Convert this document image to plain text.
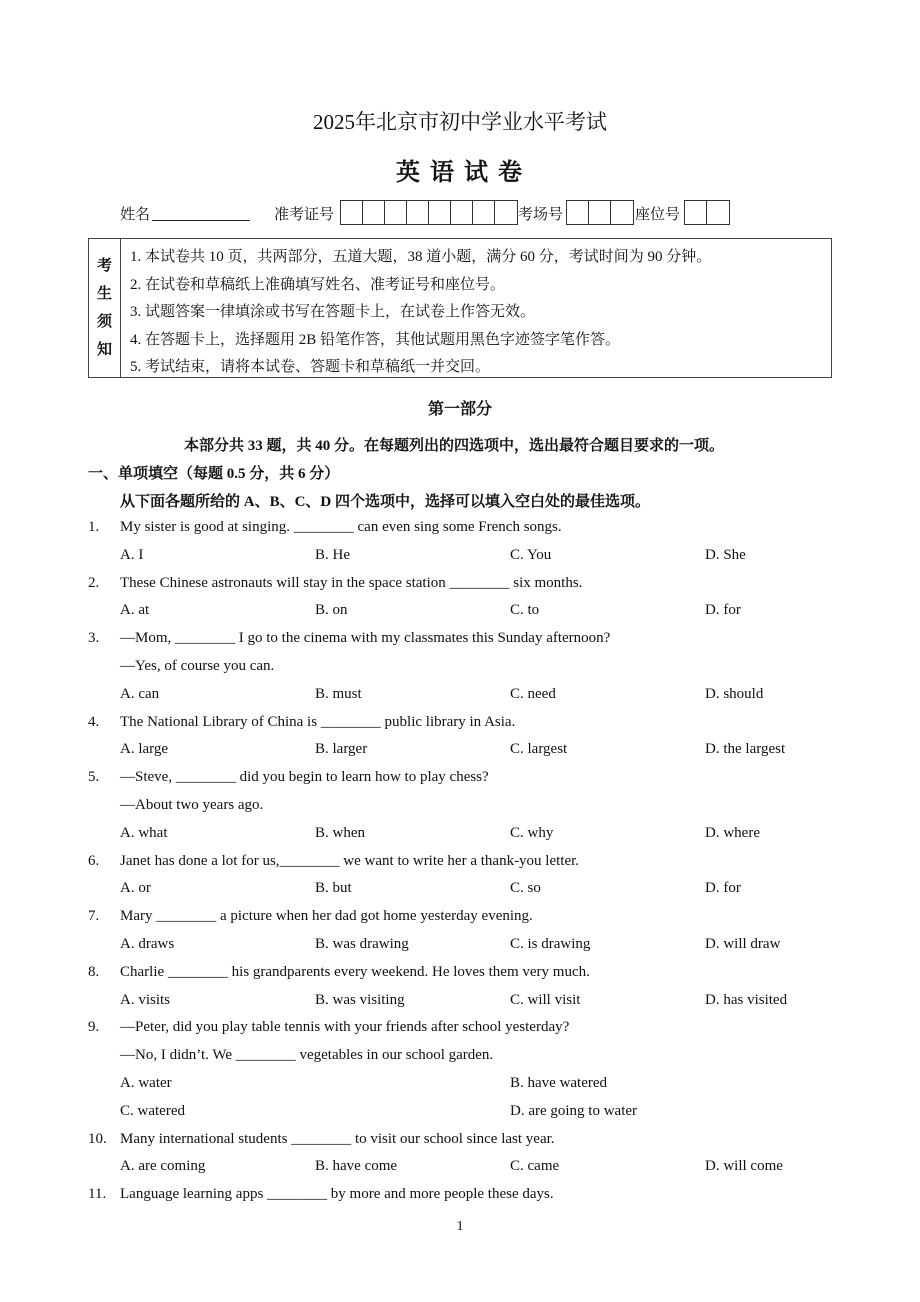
2025年北京市初中学业水平考试
英 语 试 卷
姓名	准考证号	考场号	座位号
考
生
须
知
1. 本试卷共 10 页，共两部分，五道大题，38 道小题，满分 60 分，考试时间为 90 分钟。
2. 在试卷和草稿纸上准确填写姓名、准考证号和座位号。
3. 试题答案一律填涂或书写在答题卡上，在试卷上作答无效。
4. 在答题卡上，选择题用 2B 铅笔作答，其他试题用黑色字迹签字笔作答。
5. 考试结束，请将本试卷、答题卡和草稿纸一并交回。
第一部分
本部分共 33 题，共 40 分。在每题列出的四选项中，选出最符合题目要求的一项。
一、单项填空（每题 0.5 分，共 6 分）
从下面各题所给的 A、B、C、D 四个选项中，选择可以填入空白处的最佳选项。
1. My sister is good at singing. ________ can even sing some French songs.
A. I	B. He	C. You	D. She
2. These Chinese astronauts will stay in the space station ________ six months.
A. at	B. on	C. to	D. for
3. —Mom, ________ I go to the cinema with my classmates this Sunday afternoon?
—Yes, of course you can.
A. can	B. must	C. need	D. should
4. The National Library of China is ________ public library in Asia.
A. large	B. larger	C. largest	D. the largest
5. —Steve, ________ did you begin to learn how to play chess?
—About two years ago.
A. what	B. when	C. why	D. where
6. Janet has done a lot for us,________ we want to write her a thank-you letter.
A. or	B. but	C. so	D. for
7. Mary ________ a picture when her dad got home yesterday evening.
A. draws	B. was drawing	C. is drawing	D. will draw
8. Charlie ________ his grandparents every weekend. He loves them very much.
A. visits	B. was visiting	C. will visit	D. has visited
9. —Peter, did you play table tennis with your friends after school yesterday?
—No, I didn’t. We ________ vegetables in our school garden.
A. water	B. have watered
C. watered	D. are going to water
10. Many international students ________ to visit our school since last year.
A. are coming	B. have come	C. came	D. will come
11. Language learning apps ________ by more and more people these days.
1
